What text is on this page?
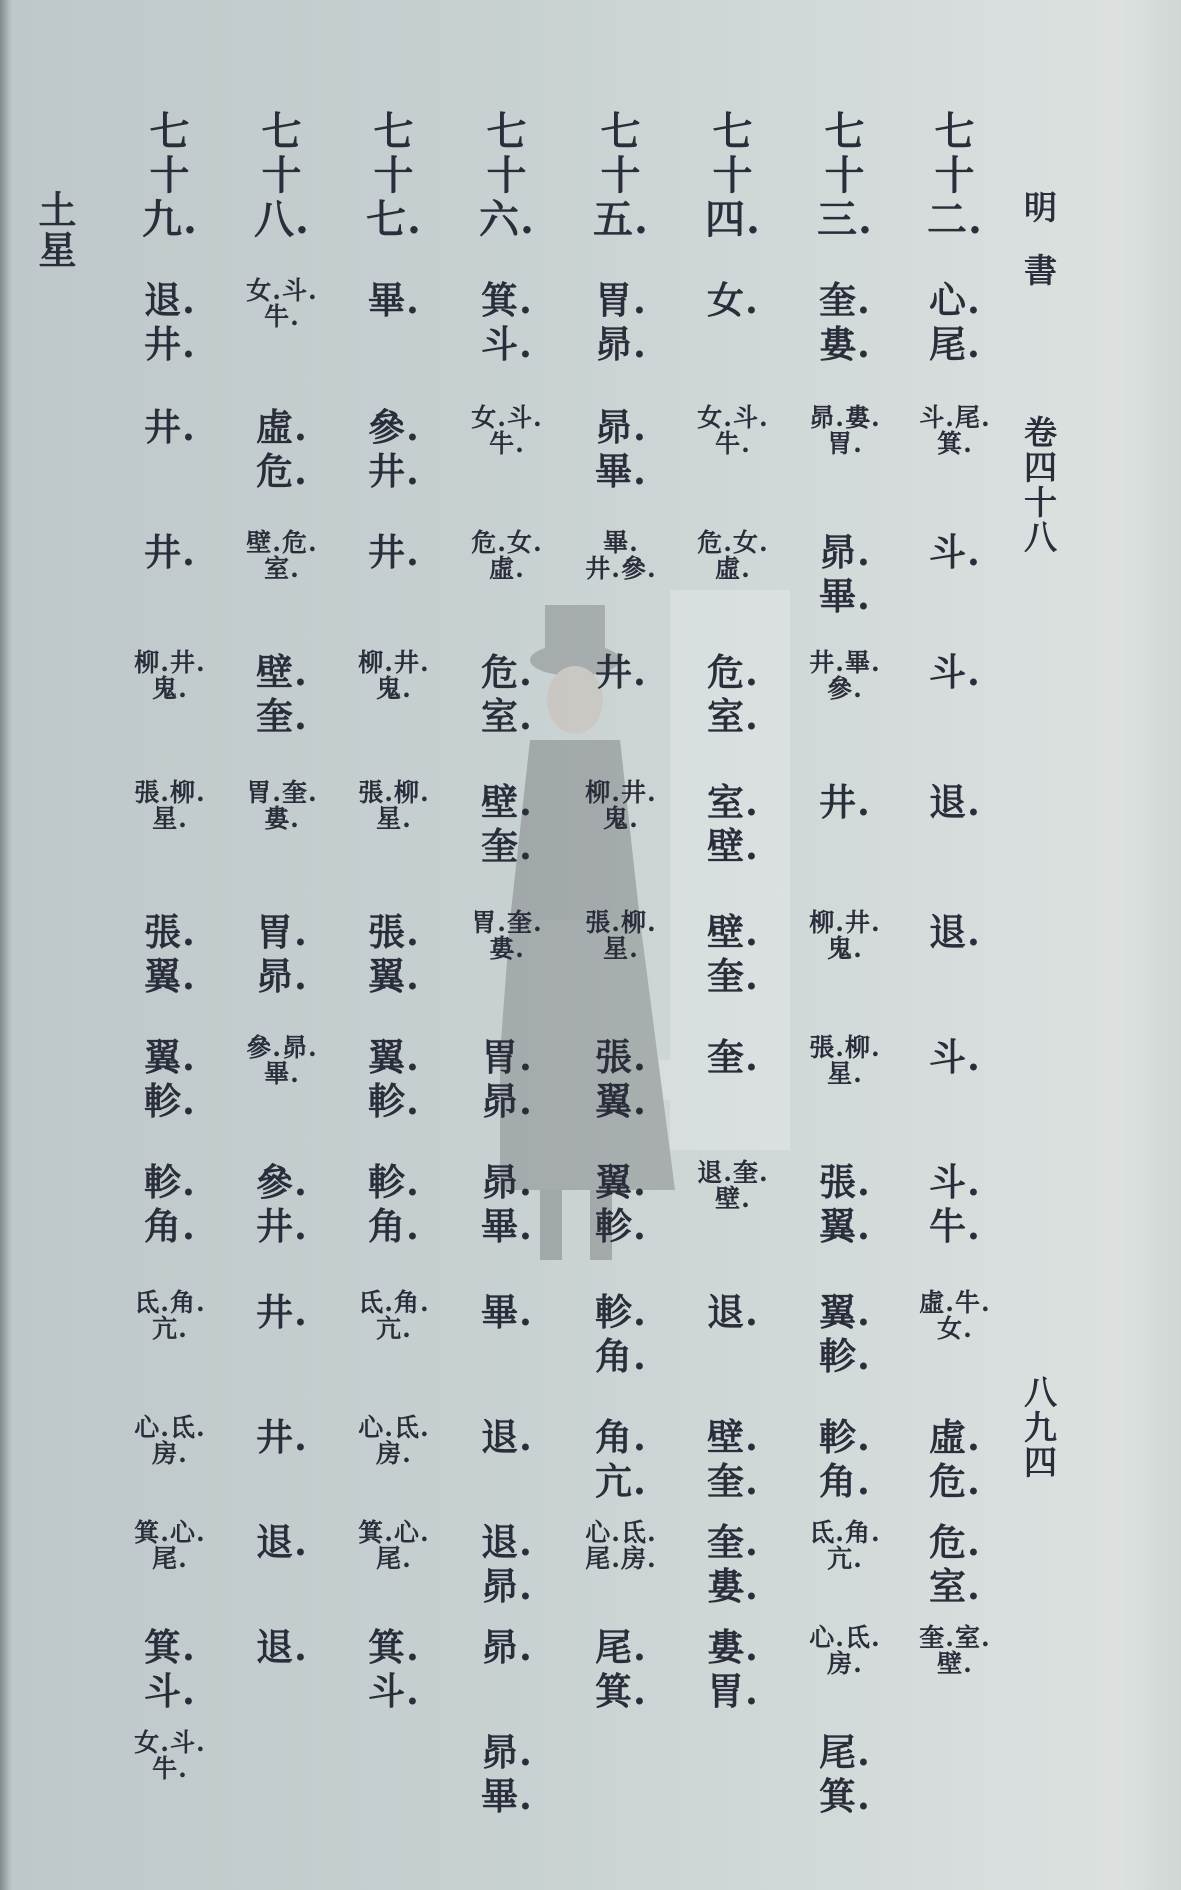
明書
卷四十八
八九四
土星
七
十
二.
心.
尾.
斗.尾.
箕.
斗.
斗.
退.
退.
斗.
斗.
牛.
虛.牛.
女.
虛.
危.
危.
室.
奎.室.
壁.
七
十
三.
奎.
婁.
昴.婁.
胃.
昴.
畢.
井.畢.
參.
井.
柳.井.
鬼.
張.柳.
星.
張.
翼.
翼.
軫.
軫.
角.
氐.角.
亢.
心.氐.
房.
尾.
箕.
七
十
四.
女.
女.斗.
牛.
危.女.
虛.
危.
室.
室.
壁.
壁.
奎.
奎.
退.奎.
壁.
退.
壁.
奎.
奎.
婁.
婁.
胃.
七
十
五.
胃.
昴.
昴.
畢.
畢.
井.參.
井.
柳.井.
鬼.
張.柳.
星.
張.
翼.
翼.
軫.
軫.
角.
角.
亢.
心.氐.
尾.房.
尾.
箕.
七
十
六.
箕.
斗.
女.斗.
牛.
危.女.
虛.
危.
室.
壁.
奎.
胃.奎.
婁.
胃.
昴.
昴.
畢.
畢.
退.
退.
昴.
昴.
昴.
畢.
七
十
七.
畢.
參.
井.
井.
柳.井.
鬼.
張.柳.
星.
張.
翼.
翼.
軫.
軫.
角.
氐.角.
亢.
心.氐.
房.
箕.心.
尾.
箕.
斗.
七
十
八.
女.斗.
牛.
虛.
危.
壁.危.
室.
壁.
奎.
胃.奎.
婁.
胃.
昴.
參.昴.
畢.
參.
井.
井.
井.
退.
退.
七
十
九.
退.
井.
井.
井.
柳.井.
鬼.
張.柳.
星.
張.
翼.
翼.
軫.
軫.
角.
氐.角.
亢.
心.氐.
房.
箕.心.
尾.
箕.
斗.
女.斗.
牛.
